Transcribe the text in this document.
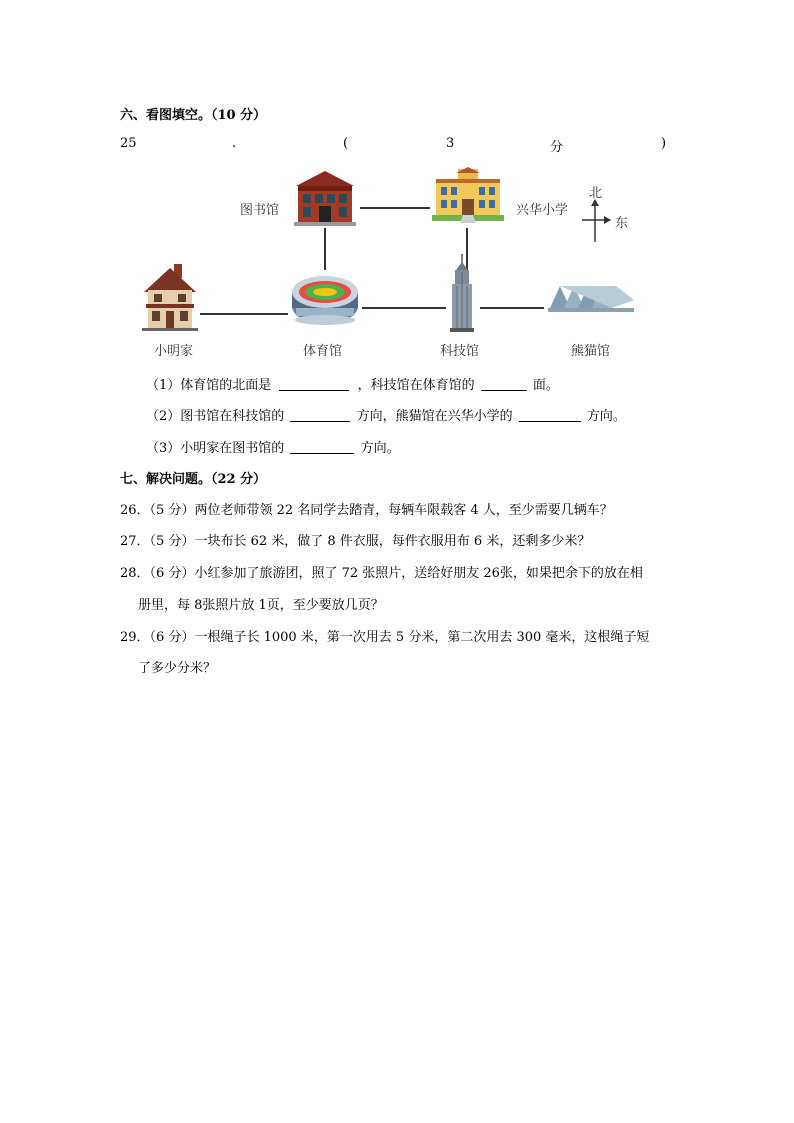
六、看图填空。（10 分）
25	.	(	3	分	)
图书馆	兴华小学
北
东
小明家	体育馆	科技馆	熊猫馆
（1）体育馆的北面是	，科技馆在体育馆的	面。
（2）图书馆在科技馆的	方向，熊猫馆在兴华小学的	方向。
（3）小明家在图书馆的	方向。
七、解决问题。（22 分）
26．（5 分）两位老师带领 22 名同学去踏青，每辆车限载客 4 人，至少需要几辆车？
27．（5 分）一块布长 62 米，做了 8 件衣服，每件衣服用布 6 米，还剩多少米？
28．（6 分）小红参加了旅游团，照了 72 张照片，送给好朋友 26张，如果把余下的放在相
册里，每 8张照片放 1页，至少要放几页？
29．（6 分）一根绳子长 1000 米，第一次用去 5 分米，第二次用去 300 毫米，这根绳子短
了多少分米？
